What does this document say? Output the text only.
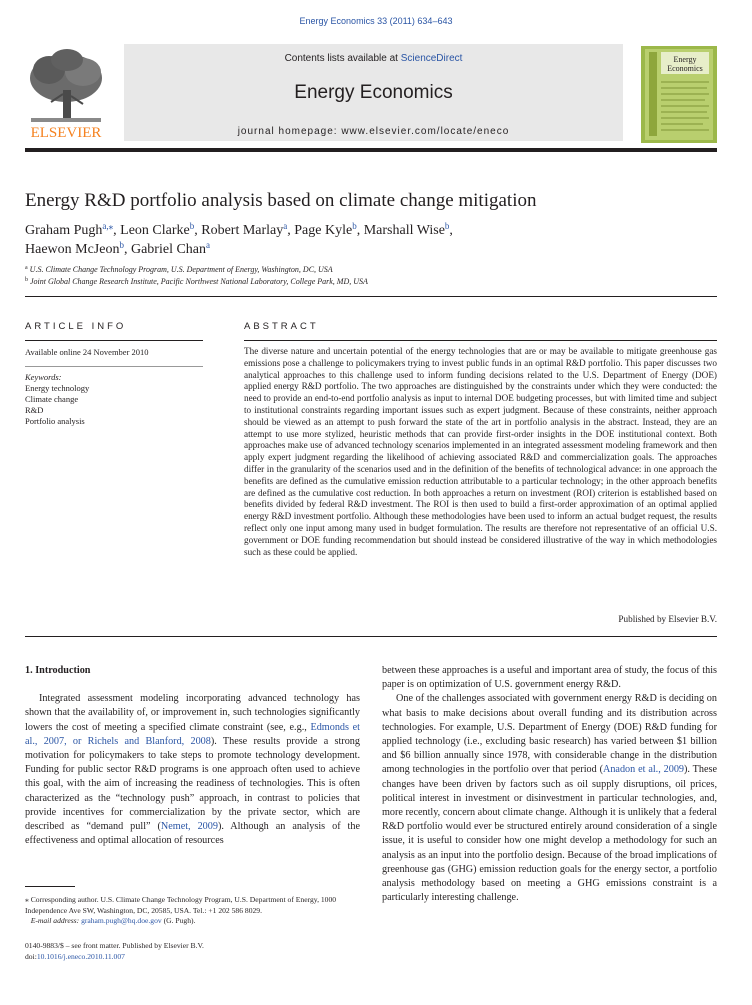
Energy Economics 33 (2011) 634–643
ELSEVIER
Contents lists available at ScienceDirect
Energy Economics
journal homepage: www.elsevier.com/locate/eneco
Energy
Economics
Energy R&D portfolio analysis based on climate change mitigation
Graham Pugh$^{a,⁎}$, Leon Clarke$^b$, Robert Marlay$^a$, Page Kyle$^b$, Marshall Wise$^b$,
Haewon McJeon$^b$, Gabriel Chan$^a$
$^a$ U.S. Climate Change Technology Program, U.S. Department of Energy, Washington, DC, USA
$^b$ Joint Global Change Research Institute, Pacific Northwest National Laboratory, College Park, MD, USA
ARTICLE INFO
Available online 24 November 2010
Keywords:
Energy technology
Climate change
R&D
Portfolio analysis
ABSTRACT
The diverse nature and uncertain potential of the energy technologies that are or may be available to mitigate greenhouse gas emissions pose a challenge to policymakers trying to invest public funds in an optimal R&D portfolio. This paper discusses two analytical approaches to this challenge used to inform funding decisions related to the U.S. Department of Energy (DOE) applied energy R&D portfolio. The two approaches are distinguished by the constraints under which they were conducted: the need to provide an end-to-end portfolio analysis as input to internal DOE budgeting processes, but with limited time and subject to institutional constraints regarding important issues such as expert judgment. Because of these constraints, neither approach should be viewed as an attempt to push forward the state of the art in portfolio analysis in the abstract. Instead, they are an attempt to use more stylized, heuristic methods that can provide first-order insights in the DOE institutional context. Both approaches make use of advanced technology scenarios implemented in an integrated assessment modeling framework and then apply expert judgment regarding the likelihood of achieving associated R&D and commercialization goals. The approaches differ in the granularity of the scenarios used and in the definition of the benefits of technological advance: in one approach the benefits are defined as the cumulative emission reduction attributable to a particular technology; in the other approach benefits are defined as the cumulative cost reduction. In both approaches a return on investment (ROI) criterion is established based on benefits divided by federal R&D investment. The ROI is then used to build a first-order approximation of an optimal applied energy R&D investment portfolio. Although these methodologies have been used to inform an actual budget request, the results reflect only one input among many used in budget formulation. The results are therefore not representative of an official U.S. government or DOE funding recommendation but should instead be considered illustrative of the way in which methodologies such as these could be applied.
Published by Elsevier B.V.
1. Introduction

Integrated assessment modeling incorporating advanced technology has shown that the availability of, or improvement in, such technologies significantly lowers the cost of meeting a specified climate constraint (see, e.g., Edmonds et al., 2007, or Richels and Blanford, 2008). These results provide a strong motivation for policymakers to take steps to promote technology development. Funding for public sector R&D programs is one approach often used to achieve this goal, with the aim of increasing the readiness of technologies. This is often characterized as the “technology push” approach, in contrast to policies that provide incentives for commercialization by the private sector, which are described as “demand pull” (Nemet, 2009). Although an analysis of the effectiveness and optimal allocation of resources

between these approaches is a useful and important area of study, the focus of this paper is on optimization of U.S. government energy R&D.

One of the challenges associated with government energy R&D is deciding on what basis to make decisions about overall funding and its distribution across technologies. For example, U.S. Department of Energy (DOE) R&D funding for applied technology (i.e., excluding basic research) has varied between $1 billion and $6 billion annually since 1978, with considerable change in the distribution among technologies in the portfolio over that period (Anadon et al., 2009). These changes have been driven by factors such as oil supply disruptions, oil prices, political interest in investment or disinvestment in particular technologies, and, more recently, concern about climate change. Although it is unlikely that a federal R&D portfolio would ever be structured entirely around consideration of a single issue, it is useful to consider how one might develop a methodology for such an analysis as an input into the portfolio design. Because of the broad implications of greenhouse gas (GHG) emission reduction goals for the energy sector, a portfolio analysis methodology based on meeting a GHG emissions constraint is a particularly interesting challenge.

⁎ Corresponding author. U.S. Climate Change Technology Program, U.S. Department of Energy, 1000 Independence Ave SW, Washington, DC, 20585, USA. Tel.: +1 202 586 8029.
E-mail address: graham.pugh@hq.doe.gov (G. Pugh).
0140-9883/$ – see front matter. Published by Elsevier B.V.
doi:10.1016/j.eneco.2010.11.007
